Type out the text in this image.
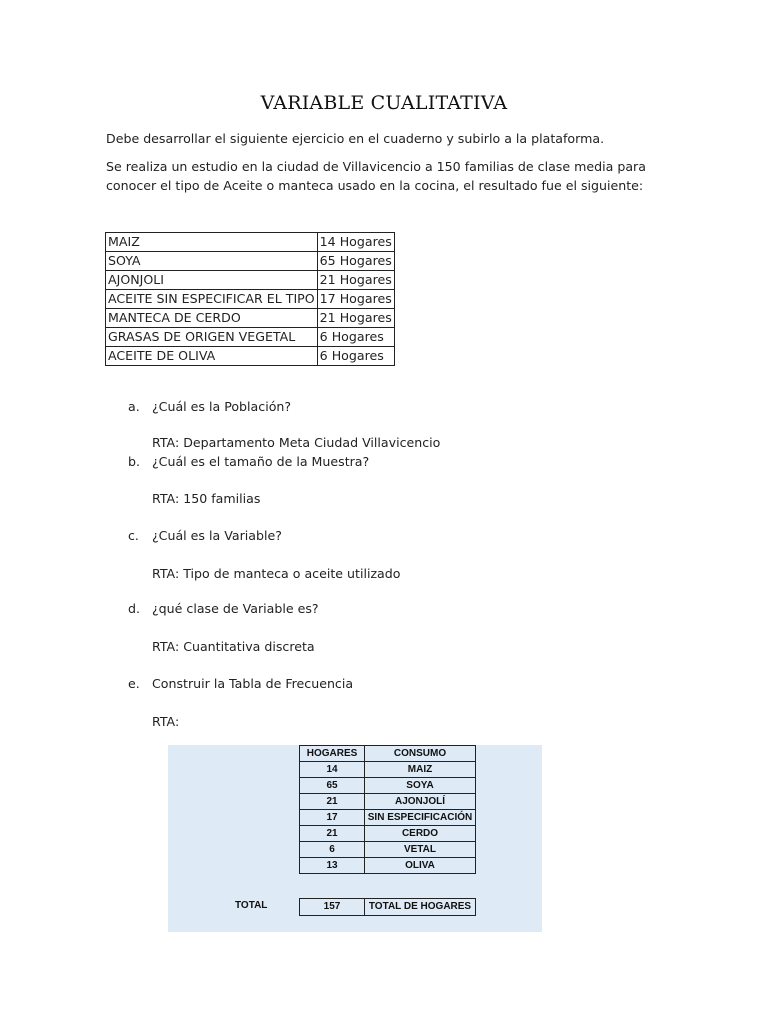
VARIABLE CUALITATIVA
Debe desarrollar el siguiente ejercicio en el cuaderno y subirlo a la plataforma.
Se realiza un estudio en la ciudad de Villavicencio a 150 familias de clase media para conocer el tipo de Aceite o manteca usado en la cocina, el resultado fue el siguiente:
MAIZ	14 Hogares
SOYA	65 Hogares
AJONJOLI	21 Hogares
ACEITE SIN ESPECIFICAR EL TIPO	17 Hogares
MANTECA DE CERDO	21 Hogares
GRASAS DE ORIGEN VEGETAL	6 Hogares
ACEITE DE OLIVA	6 Hogares
a. ¿Cuál es la Población?
RTA: Departamento Meta Ciudad Villavicencio
b. ¿Cuál es el tamaño de la Muestra?
RTA: 150 familias
c. ¿Cuál es la Variable?
RTA: Tipo de manteca o aceite utilizado
d. ¿qué clase de Variable es?
RTA: Cuantitativa discreta
e. Construir la Tabla de Frecuencia
RTA:
HOGARES	CONSUMO
14	MAIZ
65	SOYA
21	AJONJOLÍ
17	SIN ESPECIFICACIÓN
21	CERDO
6	VETAL
13	OLIVA
TOTAL	157	TOTAL DE HOGARES
